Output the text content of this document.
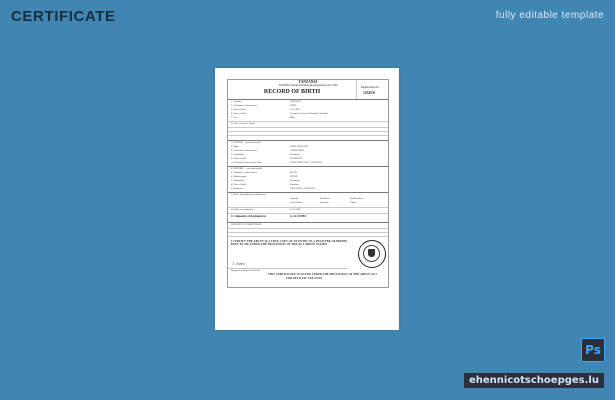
CERTIFICATE	fully editable template
TANZANIA
The Births, Deaths and Marriages Registration Act 1990
RECORD OF BIRTH
Registration No.
12345/6
1. Surname	GREGORY
2. Christian or other names	JOHN
3. Date of birth	1.12.1985
4. Place of birth	Central Government Hospital, Zanzibar
5. Sex	Male
6. Place (Ground / Tract)
7. FATHER — personal details
a. Name	JOHN GREGORY
b. Christian or other names	ADAM JOHN
c. Nationality	Tanzanian
d. Place of birth	ZANZIBAR
e. Residence at the time of birth	JOHN GREGORY - TANZANIA
8. MOTHER — personal details
a. Christian or other names	MARY
b. Maiden name	PETER
c. Nationality	Tanzanian
d. Place of birth	Zanzibar
e. Residence	GREGORY - TANZANIA
9. Name and Signature of Informant
Capacity	Residence	Qualification
Local Father	Zanzibar	Father
10. Date of registration	12.12.1985
11. Signature of the Registrar	G. R. JONES
RECORD OF CORRECTIONS
I CERTIFY THE ABOVE IS A TRUE COPY OF AN ENTRY IN A REGISTER OF BIRTHS KEPT BY ME UNDER THE PROVISIONS OF THE ACT ABOVE STATED
J. Jones
Registrar of Births and Deaths
THIS CERTIFICATE IS ISSUED UNDER THE PROVISIONS OF THE ABOVE ACT
FOR OFFICIAL USE ONLY
Ps
ehennicotschoepges.lu
